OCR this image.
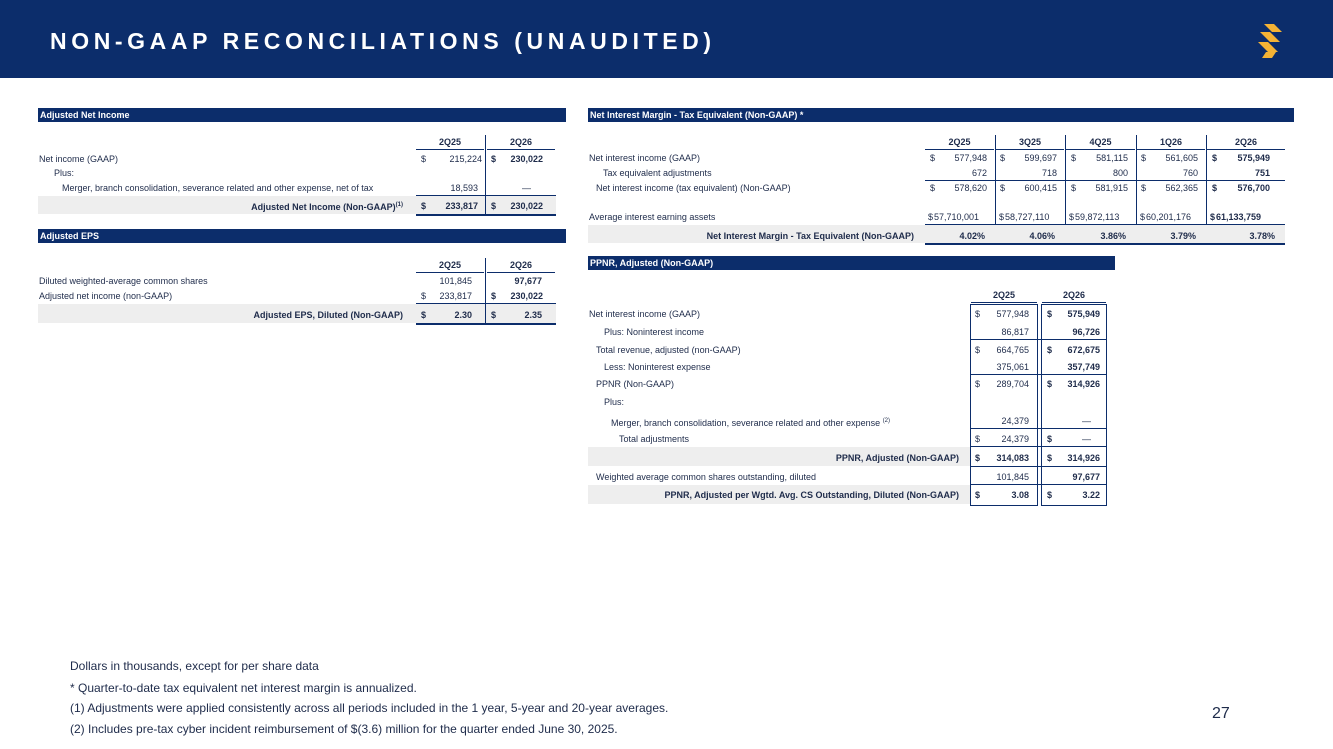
NON-GAAP RECONCILIATIONS (UNAUDITED)
Adjusted Net Income
2Q25	2Q26
Net income (GAAP)	$	215,224 $	230,022
Plus:
Merger, branch consolidation, severance related and other expense, net of tax	18,593	—
Adjusted Net Income (Non-GAAP)$^{(1)}$ $	233,817 $	230,022
Adjusted EPS
2Q25	2Q26
Diluted weighted-average common shares	101,845	97,677
Adjusted net income (non-GAAP)	$	233,817 $	230,022
Adjusted EPS, Diluted (Non-GAAP) $	2.30 $	2.35
Net Interest Margin - Tax Equivalent (Non-GAAP) *
2Q25	3Q25	4Q25	1Q26	2Q26
Net interest income (GAAP)	$	577,948 $	599,697 $	581,115 $	561,605 $	575,949
Tax equivalent adjustments	672	718	800	760	751
Net interest income (tax equivalent) (Non-GAAP)	$	578,620 $	600,415 $	581,915 $	562,365 $	576,700
Average interest earning assets	$ 57,710,001 $ 58,727,110 $ 59,872,113 $ 60,201,176 $ 61,133,759
Net Interest Margin - Tax Equivalent (Non-GAAP)	4.02%	4.06%	3.86%	3.79%	3.78%
PPNR, Adjusted (Non-GAAP)
2Q25	2Q26
Net interest income (GAAP)	$	577,948 $	575,949
Plus: Noninterest income	86,817	96,726
Total revenue, adjusted (non-GAAP)	$	664,765 $	672,675
Less: Noninterest expense	375,061	357,749
PPNR (Non-GAAP)	$	289,704 $	314,926
Plus:
Merger, branch consolidation, severance related and other expense $^{(2)}$	24,379	—
Total adjustments	$	24,379 $	—
PPNR, Adjusted (Non-GAAP) $	314,083 $	314,926
Weighted average common shares outstanding, diluted	101,845	97,677
PPNR, Adjusted per Wgtd. Avg. CS Outstanding, Diluted (Non-GAAP) $	3.08 $	3.22
Dollars in thousands, except for per share data
* Quarter-to-date tax equivalent net interest margin is annualized.
(1) Adjustments were applied consistently across all periods included in the 1 year, 5-year and 20-year averages.
(2) Includes pre-tax cyber incident reimbursement of $(3.6) million for the quarter ended June 30, 2025.
27
